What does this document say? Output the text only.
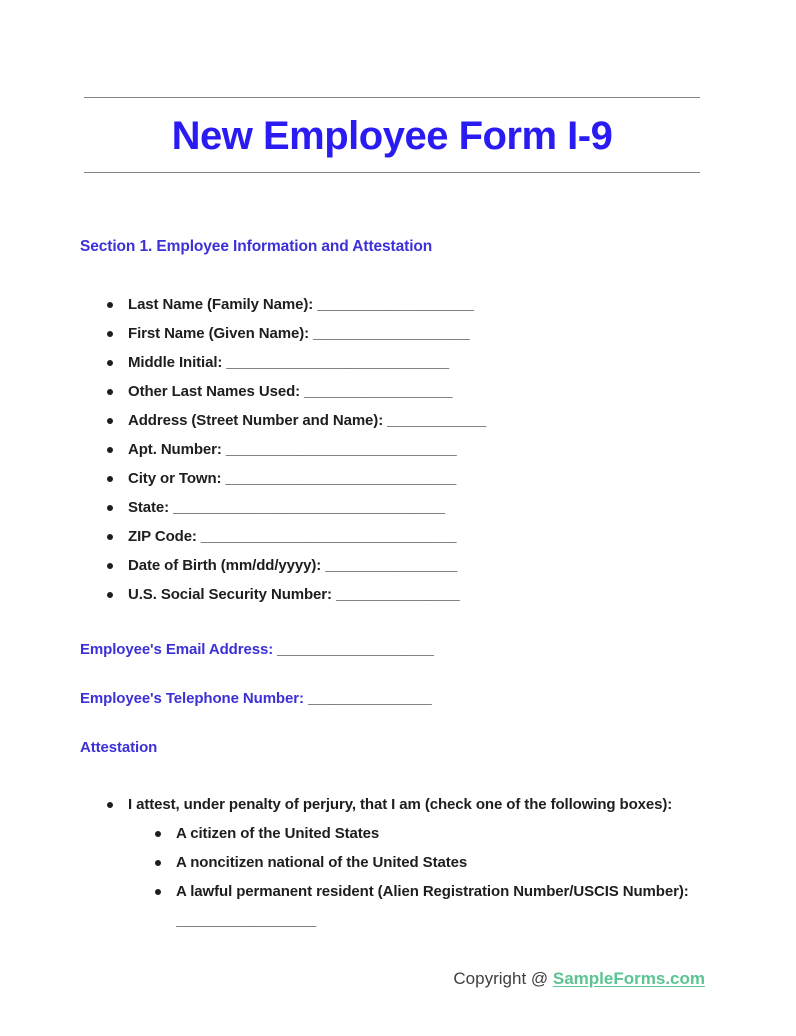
New Employee Form I-9
Section 1. Employee Information and Attestation
Last Name (Family Name): ___________________
First Name (Given Name): ___________________
Middle Initial: ___________________________
Other Last Names Used: __________________
Address (Street Number and Name): ____________
Apt. Number: ____________________________
City or Town: ____________________________
State: _________________________________
ZIP Code: _______________________________
Date of Birth (mm/dd/yyyy): ________________
U.S. Social Security Number: _______________

Employee's Email Address: ___________________

Employee's Telephone Number: _______________

Attestation
I attest, under penalty of perjury, that I am (check one of the following boxes):
A citizen of the United States
A noncitizen national of the United States
A lawful permanent resident (Alien Registration Number/USCIS Number): _________________
Copyright @ SampleForms.com
